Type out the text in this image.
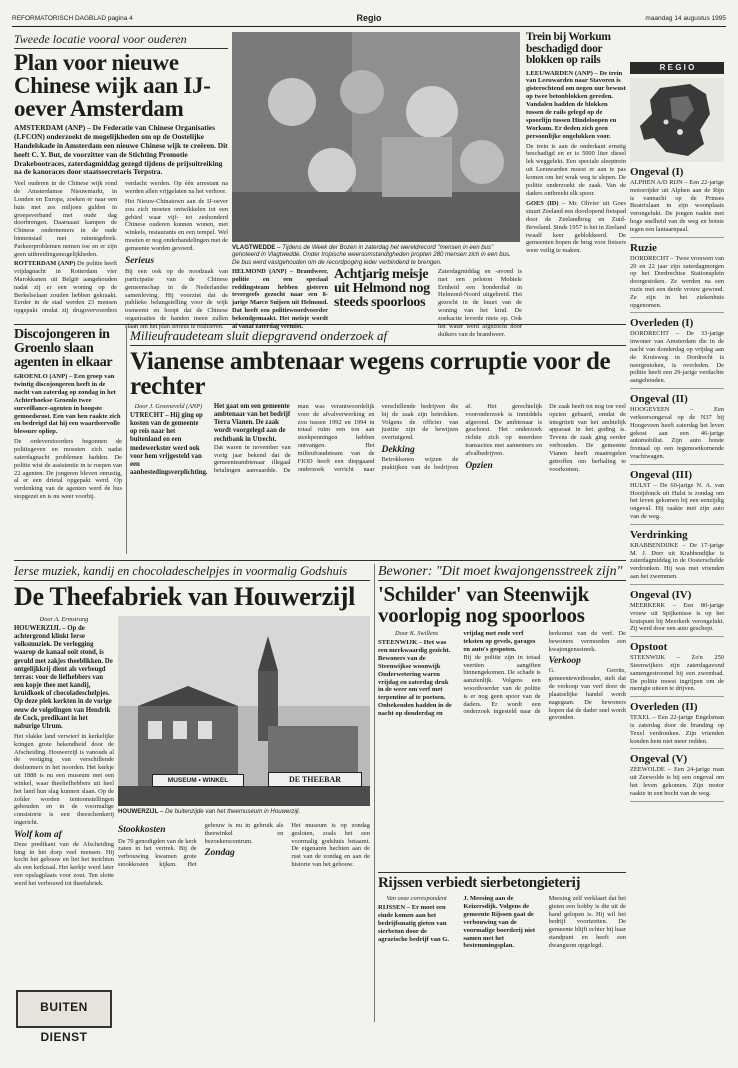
REFORMATORISCH DAGBLAD pagina 4	Regio	maandag 14 augustus 1995
Tweede locatie vooral voor ouderen
Plan voor nieuwe Chinese wijk aan IJ-oever Amsterdam
AMSTERDAM (ANP) – De Federatie van Chinese Organisaties (LFCON) onderzoekt de mogelijkheden om op de Oostelijke Handelskade in Amsterdam een nieuwe Chinese wijk te creëren. Dit heeft C. Y. But, de voorzitter van de Stichting Promotie Drakebootraces, zaterdagmiddag gezegd tijdens de prijsuitreiking na de kanoraces door staatssecretaris Terpstra.

Veel ouderen in de Chinese wijk rond de Amsterdamse Nieuwmarkt, in Londen en Europa, zoeken er naar een huis met zes miljoen gulden in groepsverband met oude dag doorbrengen. Daarnaast kampen de Chinese ondernemers in de oude binnenstad met ruimtegebrek. Parkeerproblemen nemen toe en er zijn geen uitbreidingsmogelijkheden.

ROTTERDAM (ANP) De politie heeft vrijdagnacht in Rotterdam vier Marokkanen uit België aangehouden nadat zij er een woning op de Berkelselaan zouden hebben gekraakt. Eerder in de stad werden 23 mensen opgepakt omdat zij drugsvervoerders verdacht werden. Op één arrestant na werden allen vrijgelaten na het verhoor.

Het Nieuw-Chinatown aan de IJ-oever zou zich moeten ontwikkelen tot een gebied waar vijf- tot zeshonderd Chinese ouderen kunnen wonen, met winkels, restaurants en een tempel. Wel moeten er nog onderhandelingen met de gemeente worden gevoerd.

Serieus

Bij een ook op de noodzaak van participatie van de Chinese gemeenschap in de Nederlandse samenleving. Hij voorziet dat de publieke belangstelling voor de wijk toeneemt en hoopt dat de Chinese organisaties de handen ineen zullen slaan om het plan serieus te realiseren.

VLAGTWEDDE – Tijdens de Week der Bozen in zaterdag het wereldrecord "mensen in een bus" genoteerd in Vlagtwedde. Onder tropische weersomstandigheden propten 280 mensen zich in een bus. De bus werd vastgehouden om de recordpoging ieder verbindend te brengen.
HELMOND (ANP) – Brandweer, politie en een speciaal reddingsteam hebben gisteren tevergeefs gezocht naar een 8-jarige Marco Suijsen uit Helmond. Dat heeft een politiewoordvoerder bekendgemaakt. Het meisje wordt al vanaf zaterdag vermist.
Achtjarig meisje uit Helmond nog steeds spoorloos
Zaterdagmiddag en -avond is met een peloton Mobiele Eenheid een honderdtal in Helmond-Noord uitgebreid. Het gezocht in de buurt van de woning van het kind. De zoekactie leverde niets op. Ook het water werd afgezocht door duikers van de brandweer.
Trein bij Workum beschadigd door blokken op rails
LEEUWARDEN (ANP) – De trein van Leeuwarden naar Stavoren is gisterochtend om negen uur bewust op twee betonblokken gereden. Vandalen hadden de blokken tussen de rails gelegd op de spoorlijn tussen Hindeloopen en Workum. Er deden zich geen persoonlijke ongelukken voor.
De trein is aan de onderkant ernstig beschadigd en er is 5000 liter diesel lek weggelekt. Een speciale sleeptrein uit Leeuwarden moest er aan te pas komen om het wrak weg te slepen. De politie onderzoekt de zaak. Van de daders ontbreekt elk spoor.
GOES (ID) – Mr. Olivier uit Goes stuurt Zeeland een doorlopend fietspad door de Zeelandbrug en Zuid-Beveland. Sinds 1957 is het in Zeeland twaalf keer geblokkeerd. De gemeenten hopen de brug voor fietsers weer veilig te maken.
R E G I O
Ongeval (I)
ALPHEN A/D RIJN – Een 22-jarige motorrijder uit Alphen aan de Rijn is vannacht op de Prinses Beatrixlaan in zijn woonplaats verongelukt. De jongen raakte met hoge snelheid van de weg en botste tegen een lantaarnpaal.
Ruzie
DORDRECHT – Twee vrouwen van 20 en 22 jaar zijn zaterdagmorgen op het Dordrechtse Stationsplein doorgestoken. Ze werden na een ruzie met een derde vrouw gewond. Ze zijn in het ziekenhuis opgenomen.
Overleden (I)
DORDRECHT – De 33-jarige inwoner van Amsterdam die in de nacht van donderdag op vrijdag aan de Kruisweg in Dordrecht is neergestoken, is overleden. De politie heeft een 29-jarige verdachte aangehouden.
Ongeval (II)
HOOGEVEEN – Een verkeersongeval op de N37 bij Hoogeveen heeft zaterdag het leven gekost aan een 46-jarige automobilist. Zijn auto botste frontaal op een tegemoetkomende vrachtwagen.
Ongeval (III)
HULST – De 60-jarige N. A. van Hooijdonck uit Hulst is zondag om het leven gekomen bij een eenzijdig ongeval. Hij raakte met zijn auto van de weg.
Verdrinking
KRABBENDIJKE – De 17-jarige M. J. Dorr uit Krabbendijke is zaterdagmiddag in de Oosterschelde verdronken. Hij was met vrienden aan het zwemmen.
Ongeval (IV)
MEERKERK – Een 80-jarige vrouw uit Spijkenisse is op het kruispunt bij Meerkerk verongelukt. Zij werd door een auto geschept.
Opstoot
STEENWIJK – Zo'n 250 Steenwijkers zijn zaterdagavond samengestroomd bij een zwembad. De politie moest ingrijpen om de menigte uiteen te drijven.
Overleden (II)
TEXEL – Een 22-jarige Engelsman is zaterdag door de branding op Texel verdronken. Zijn vrienden konden hem niet meer redden.
Ongeval (V)
ZEEWOLDE – Een 24-jarige man uit Zeewolde is bij een ongeval om het leven gekomen. Zijn motor raakte in een bocht van de weg.
Discojongeren in Groenlo slaan agenten in elkaar
GROENLO (ANP) – Een groep van twintig discojongeren heeft in de nacht van zaterdag op zondag in het Achterhoekse Groenlo twee surveillance-agenten in hoogste gemoedsrust. Een van hen raakte zich en bedreigd dat hij een waardeervolle blessure opliep.
De ordeverstoorders begonnen de politiegeven en moesten zich nadat zaterdagnacht problemen hadden. De politie wist de assistentie in te roepen van 22 agenten. De jongeren bleven onrustig, al er een drietal opgepakt werd. Op verdenking van de agenten werd de bus stopgezet en is nu weer voorbij.
Milieufraudeteam sluit diepgravend onderzoek af
Vianense ambtenaar wegens corruptie voor de rechter
Door J. Groeneveld (ANP)
UTRECHT – Hij ging op kosten van de gemeente op reis naar het buitenland en een medewerkster werd ook voor hem vrijgesteld van een aanbestedingsverplichting. Het gaat om een gemeente ambtenaar van het bedrijf Terra Vianen. De zaak wordt voorgelegd aan de rechtbank in Utrecht.
Dat waren in november van vorig jaar bekend dat de gemeenteambtenaar illegaal betalingen aanvaardde. De man was verantwoordelijk voor de afvalverwerking en zou tussen 1992 en 1994 in totaal ruim een ton aan steekpenningen hebben ontvangen. Het milieufraudeteam van de FIOD heeft een diepgaand onderzoek verricht naar verschillende bedrijven die bij de zaak zijn betrokken. Volgens de officier van justitie zijn de bewijzen overtuigend.
Dekking
Betrokkenen wijzen de praktijken van de bedrijven af. Het gerechtelijk vooronderzoek is inmiddels afgerond. De ambtenaar is geschorst. Het onderzoek richtte zich op meerdere transacties met aannemers en afvalbedrijven.
Opzien
De zaak heeft tot nog toe veel opzien gebaard, omdat de integriteit van het ambtelijk apparaat in het geding is. Tevens de zaak ging eerder verbonden. De gemeente Vianen heeft maatregelen getroffen om herhaling te voorkomen.
Ierse muziek, kandij en chocoladeschelpjes in voormalig Godshuis
De Theefabriek van Houwerzijl
Door A. Ermstrang
HOUWERZIJL – Op de achtergrond klinkt Ierse volksmuziek. De verlegging waarop de kanaal ooit stond, is gevuld met zakjes theeblikken. De ontgelijkkrij dient als verbeugd terras: voor de liefhebbers van een kopje thee met kandij, kruidkoek of chocoladeschelpjes. Op deze plek kerkten in de vorige eeuw de volgelingen van Hendrik de Cock, predikant in het naburige Ulrum.
Het vlakke land verwierf in kerkelijke kringen grote bekendheid door de Afscheiding. Houwerzijl is vanouds al de vestiging van verschillende deelnemers in het noorden. Het kerkje uit 1888 is nu een museum met een winkel, waar theeliefhebbers uit heel het land hun slag kunnen slaan. Op de zolder worden tentoonstellingen gehouden en in de voormalige consistorie is een theeschenkerij ingericht.
Wolf kom af
Deze predikant van de Afscheiding hing in het dorp veel mensen. Hij kocht het gebouw en liet het inrichten als een kerkzaal. Het kerkje werd later een opslagplaats voor zout. Ten slotte werd het verbouwd tot theefabriek.
BUITEN DIENST
MUSEUM • WINKEL	DE THEEBAR
HOUWERZIJL – De buitenzijde van het theemuseum in Houwerzijl.
Stookkosten

De 70 genodigden van de kerk zaten in het vertrek. Bij de verbouwing kwamen grote stookkosten kijken. Het gebouw is nu in gebruik als theewinkel en bezoekerscentrum.

Zondag

Het museum is op zondag gesloten, zoals het een voormalig godshuis betaamt. De eigenaren hechten aan de rust van de zondag en aan de historie van het gebouw.

Bewoner: "Dit moet kwajongensstreek zijn"
'Schilder' van Steenwijk voorlopig nog spoorloos
Door K. Swillens
STEENWIJK – Het was een merkwaardig gezicht. Bewoners van de Steenwijkse woonwijk Onderwetering waren vrijdag en zaterdag druk in de weer om verf met terpentine af te poetsen. Onbekenden hadden in de nacht op donderdag en vrijdag met rode verf teksten op gevels, garages en auto's gespoten.
Bij de politie zijn in totaal veertien aangiften binnengekomen. De schade is aanzienlijk. Volgens een woordvoerder van de politie is er nog geen spoor van de daders. Er wordt een onderzoek ingesteld naar de herkomst van de verf. De bewoners vermoeden een kwajongensstreek.
Verkoop
G. Gerrits, gemeentewethouder, stelt dat de verkoop van verf door de plaatselijke handel wordt nagegaan. De bewoners hopen dat de dader snel wordt gevonden.
Rijssen verbiedt sierbetongieterij
Van onze correspondent
RIJSSEN – Er moet een einde komen aan het bedrijfsmatig gieten van sierbeton door de agrarische bedrijf van G. J. Meesing aan de Keizersdijk. Volgens de gemeente Rijssen gaat de verbouwing van de voormalige boerderij niet samen met het bestemmingsplan.
Meesing zelf verklaart dat het gieten een hobby is die uit de hand gelopen is. Hij wil het bedrijf voortzetten. De gemeente blijft echter bij haar standpunt en heeft een dwangsom opgelegd.
